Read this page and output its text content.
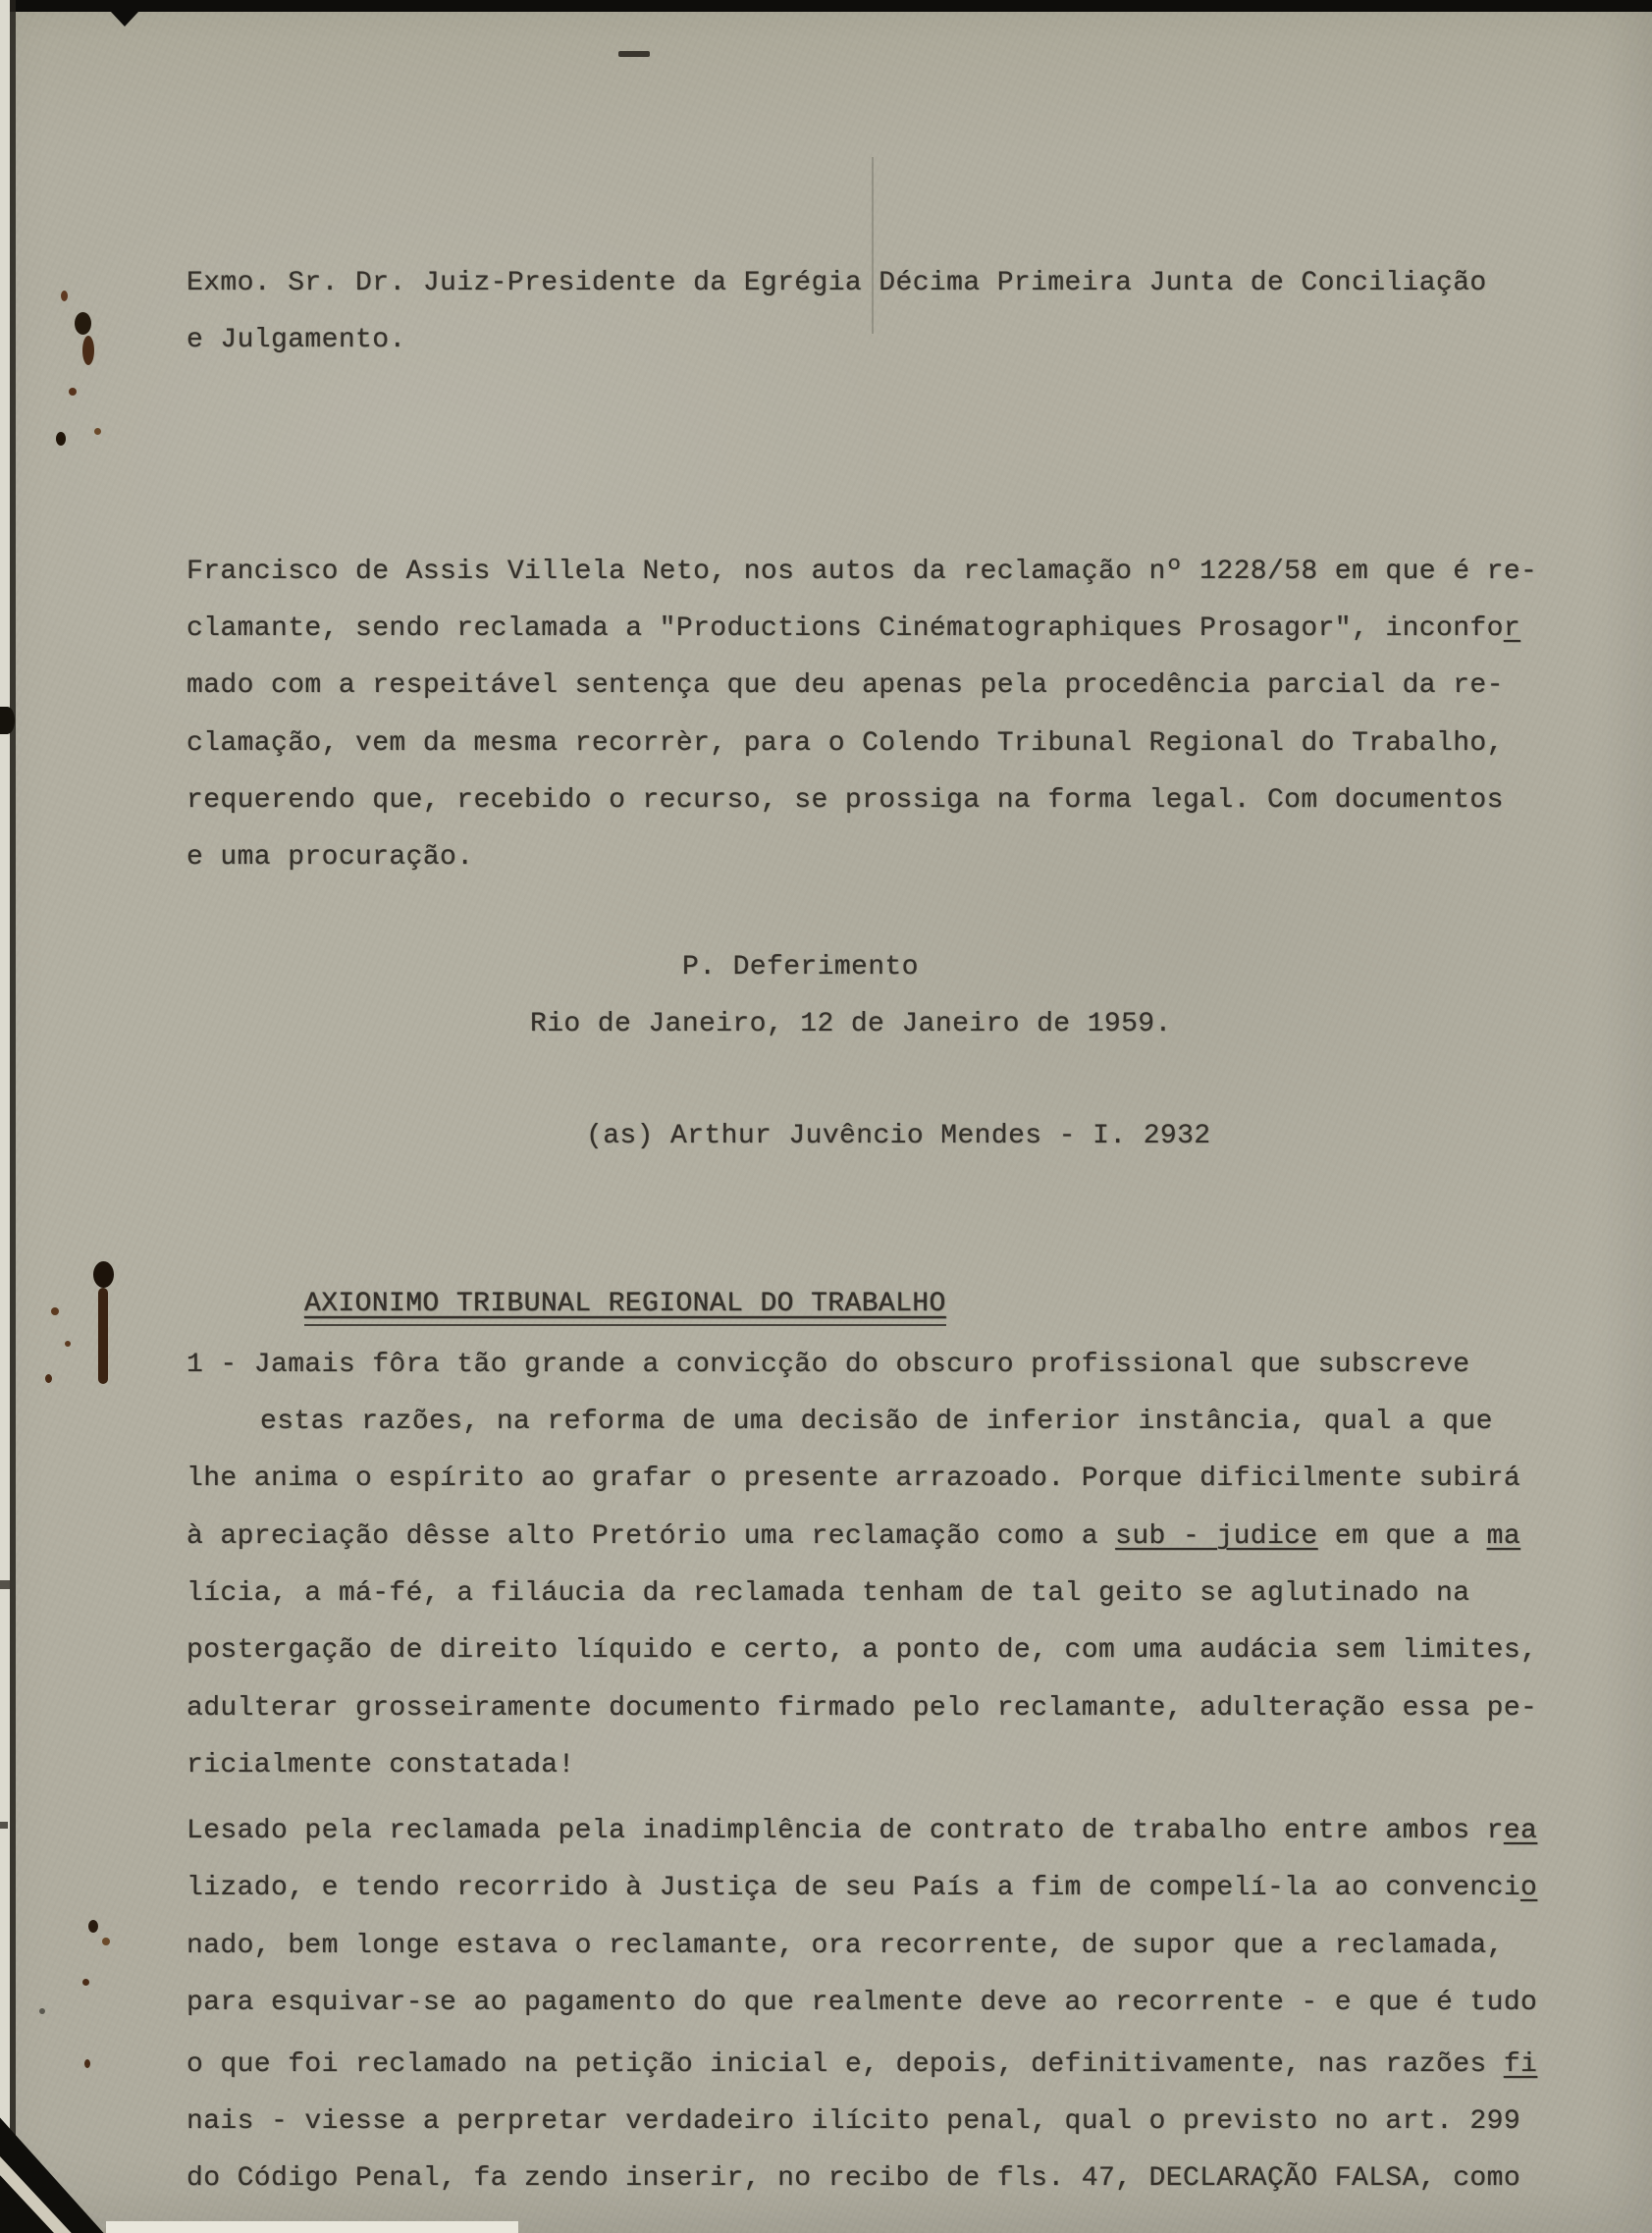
Exmo. Sr. Dr. Juiz-Presidente da Egrégia Décima Primeira Junta de Conciliação
e Julgamento.
Francisco de Assis Villela Neto, nos autos da reclamação nº 1228/58 em que é re-
clamante, sendo reclamada a "Productions Cinématographiques Prosagor", inconfor
mado com a respeitável sentença que deu apenas pela procedência parcial da re-
clamação, vem da mesma recorrèr, para o Colendo Tribunal Regional do Trabalho,
requerendo que, recebido o recurso, se prossiga na forma legal. Com documentos
e uma procuração.
P. Deferimento
Rio de Janeiro, 12 de Janeiro de 1959.
(as) Arthur Juvêncio Mendes - I. 2932
AXIONIMO TRIBUNAL REGIONAL DO TRABALHO
1 - Jamais fôra tão grande a convicção do obscuro profissional que subscreve
estas razões, na reforma de uma decisão de inferior instância, qual a que
lhe anima o espírito ao grafar o presente arrazoado. Porque dificilmente subirá
à apreciação dêsse alto Pretório uma reclamação como a sub - judice em que a ma
lícia, a má-fé, a filáucia da reclamada tenham de tal geito se aglutinado na
postergação de direito líquido e certo, a ponto de, com uma audácia sem limites,
adulterar grosseiramente documento firmado pelo reclamante, adulteração essa pe-
ricialmente constatada!
Lesado pela reclamada pela inadimplência de contrato de trabalho entre ambos rea
lizado, e tendo recorrido à Justiça de seu País a fim de compelí-la ao convencio
nado, bem longe estava o reclamante, ora recorrente, de supor que a reclamada,
para esquivar-se ao pagamento do que realmente deve ao recorrente - e que é tudo
o que foi reclamado na petição inicial e, depois, definitivamente, nas razões fi
nais - viesse a perpretar verdadeiro ilícito penal, qual o previsto no art. 299
do Código Penal, fa zendo inserir, no recibo de fls. 47, DECLARAÇÃO FALSA, como
